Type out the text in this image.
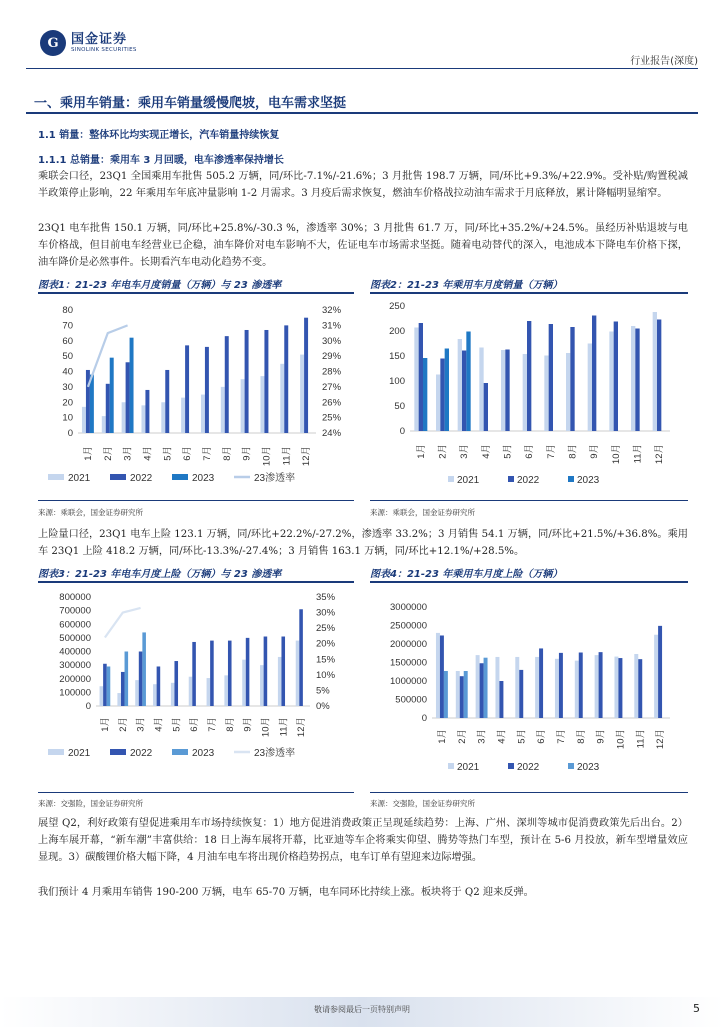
G 国金证券
SINOLINK SECURITIES
行业报告(深度)
一、乘用车销量：乘用车销量缓慢爬坡，电车需求坚挺
1.1 销量：整体环比均实现正增长，汽车销量持续恢复
1.1.1 总销量：乘用车 3 月回暖，电车渗透率保持增长
乘联会口径，23Q1 全国乘用车批售 505.2 万辆，同/环比-7.1%/-21.6%；3 月批售 198.7 万辆，同/环比+9.3%/+22.9%。受补贴/购置税减半政策停止影响，22 年乘用车年底冲量影响 1-2 月需求。3 月疫后需求恢复，燃油车价格战拉动油车需求于月底释放，累计降幅明显缩窄。
23Q1 电车批售 150.1 万辆，同/环比+25.8%/-30.3 %，渗透率 30%；3 月批售 61.7 万，同/环比+35.2%/+24.5%。虽经历补贴退坡与电车价格战，但目前电车经营业已企稳，油车降价对电车影响不大，佐证电车市场需求坚挺。随着电动替代的深入，电池成本下降电车价格下探，油车降价是必然事件。长期看汽车电动化趋势不变。
图表1：21-23 年电车月度销量（万辆）与 23 渗透率	图表2：21-23 年乘用车月度销量（万辆）
0
10
20
30
40
50
60
70
80
24%
25%
26%
27%
28%
29%
30%
31%
32%
1月 2月 3月 4月 5月 6月 7月 8月 9月 10月 11月 12月
2021	2022	2023	23渗透率
0
50
100
150
200
250
1月 2月 3月 4月 5月 6月 7月 8月 9月 10月 11月 12月
2021	2022	2023
来源：乘联会，国金证券研究所	来源：乘联会，国金证券研究所
上险量口径，23Q1 电车上险 123.1 万辆，同/环比+22.2%/-27.2%，渗透率 33.2%；3 月销售 54.1 万辆，同/环比+21.5%/+36.8%。乘用车 23Q1 上险 418.2 万辆，同/环比-13.3%/-27.4%；3 月销售 163.1 万辆，同/环比+12.1%/+28.5%。
图表3：21-23 年电车月度上险（万辆）与 23 渗透率	图表4：21-23 年乘用车月度上险（万辆）
0
100000
200000
300000
400000
500000
600000
700000
800000
0%
5%
10%
15%
20%
25%
30%
35%
1月 2月 3月 4月 5月 6月 7月 8月 9月 10月 11月 12月
2021	2022	2023	23渗透率
0
500000
1000000
1500000
2000000
2500000
3000000
1月 2月 3月 4月 5月 6月 7月 8月 9月 10月 11月 12月
2021	2022	2023
来源：交强险，国金证券研究所	来源：交强险，国金证券研究所
展望 Q2，利好政策有望促进乘用车市场持续恢复：1）地方促进消费政策正呈现延续趋势：上海、广州、深圳等城市促消费政策先后出台。2）上海车展开幕，“新车潮”丰富供给：18 日上海车展将开幕，比亚迪等车企将乘实仰望、腾势等热门车型，预计在 5-6 月投放，新车型增量效应显现。3）碳酸锂价格大幅下降，4 月油车电车将出现价格趋势拐点，电车订单有望迎来边际增强。
我们预计 4 月乘用车销售 190-200 万辆，电车 65-70 万辆，电车同环比持续上涨。板块将于 Q2 迎来反弹。
敬请参阅最后一页特别声明	5
